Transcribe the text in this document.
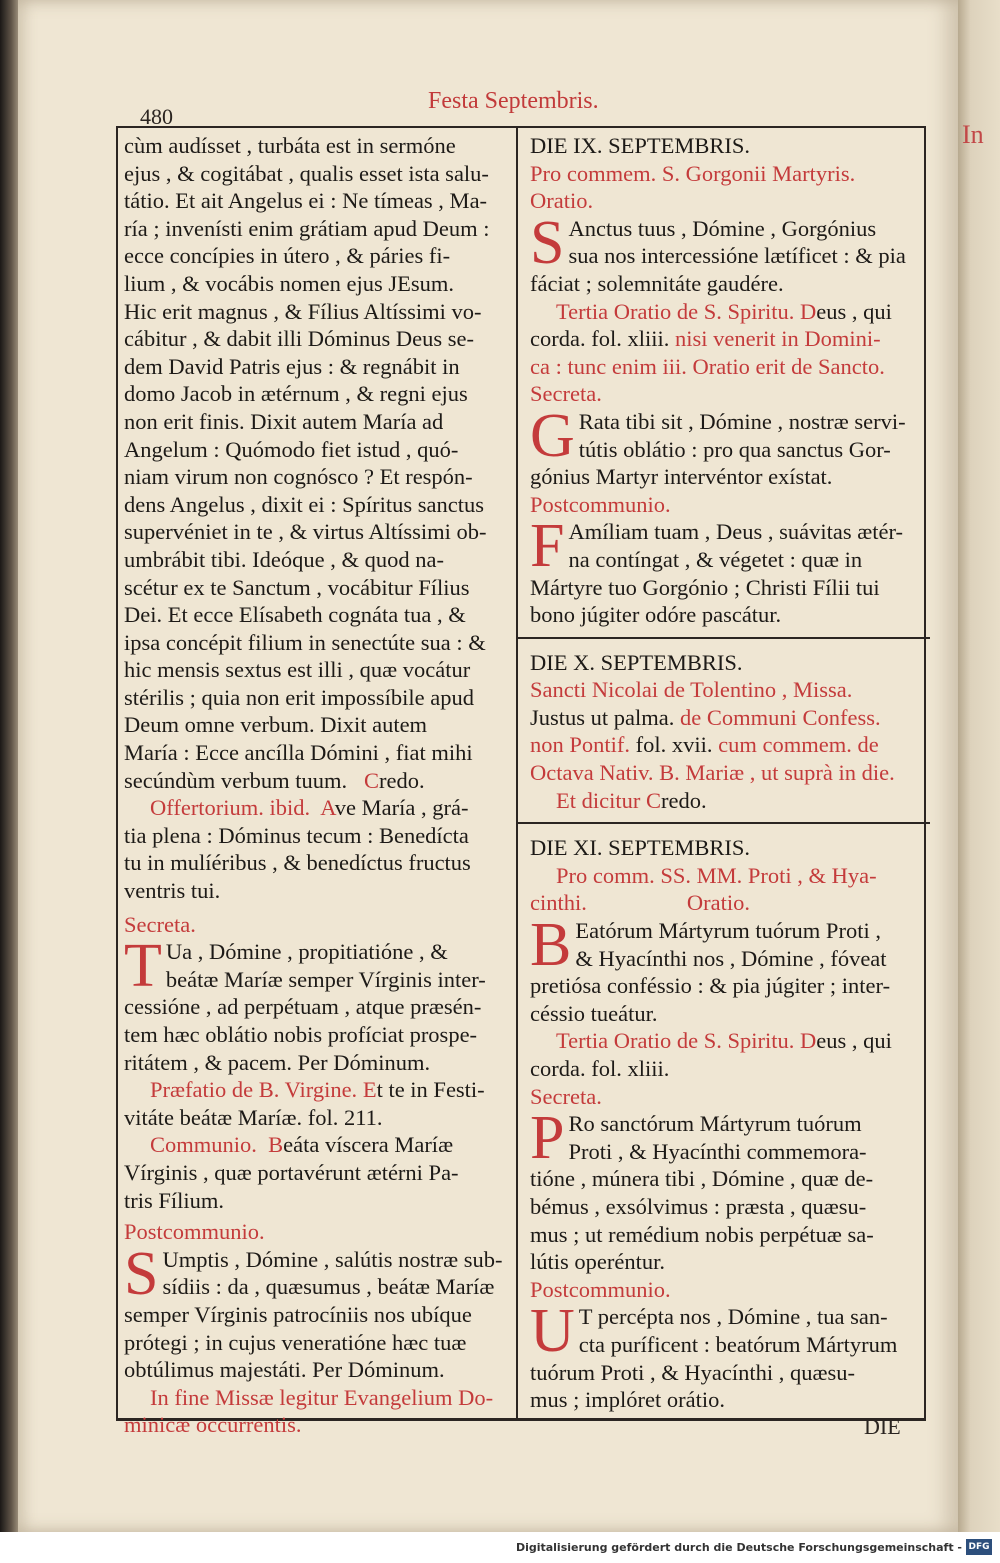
In
480
Festa Septembris.

cùm audísset , turbáta est in sermóne

ejus , & cogitábat , qualis esset ista salu-

tátio. Et ait Angelus ei : Ne tímeas , Ma-

ría ; invenísti enim grátiam apud Deum :

ecce concípies in útero , & páries fi-

lium , & vocábis nomen ejus JEsum.

Hic erit magnus , & Fílius Altíssimi vo-

cábitur , & dabit illi Dóminus Deus se-

dem David Patris ejus : & regnábit in

domo Jacob in ætérnum , & regni ejus

non erit finis. Dixit autem María ad

Angelum : Quómodo fiet istud , quó-

niam virum non cognósco ? Et respón-

dens Angelus , dixit ei : Spíritus sanctus

supervéniet in te , & virtus Altíssimi ob-

umbrábit tibi. Ideóque , & quod na-

scétur ex te Sanctum , vocábitur Fílius

Dei. Et ecce Elísabeth cognáta tua , &

ipsa concépit filium in senectúte sua : &

hic mensis sextus est illi , quæ vocátur

stérilis ; quia non erit impossíbile apud

Deum omne verbum. Dixit autem

María : Ecce ancílla Dómini , fiat mihi

secúndùm verbum tuum. Credo.

Offertorium. ibid. Ave María , grá-

tia plena : Dóminus tecum : Benedícta

tu in mulíéribus , & benedíctus fructus

ventris tui.

Secreta.

T Ua , Dómine , propitiatióne , &

beátæ Maríæ semper Vírginis inter-

cessióne , ad perpétuam , atque præsén-

tem hæc oblátio nobis profíciat prospe-

ritátem , & pacem. Per Dóminum.

Præfatio de B. Virgine. Et te in Festi-

vitáte beátæ Maríæ. fol. 211.

Communio. Beáta víscera Maríæ

Vírginis , quæ portavérunt ætérni Pa-

tris Fílium.

Postcommunio.

S Umptis , Dómine , salútis nostræ sub-

sídiis : da , quæsumus , beátæ Maríæ

semper Vírginis patrocíniis nos ubíque

prótegi ; in cujus veneratióne hæc tuæ

obtúlimus majestáti. Per Dóminum.

In fine Missæ legitur Evangelium Do-

minicæ occurrentis.

DIE IX. SEPTEMBRIS.

Pro commem. S. Gorgonii Martyris.

Oratio.

S Anctus tuus , Dómine , Gorgónius

sua nos intercessióne lætíficet : & pia

fáciat ; solemnitáte gaudére.

Tertia Oratio de S. Spiritu. Deus , qui

corda. fol. xliii. nisi venerit in Domini-

ca : tunc enim iii. Oratio erit de Sancto.

Secreta.

G Rata tibi sit , Dómine , nostræ servi-

tútis oblátio : pro qua sanctus Gor-

gónius Martyr intervéntor exístat.

Postcommunio.

F Amíliam tuam , Deus , suávitas ætér-

na contíngat , & végetet : quæ in

Mártyre tuo Gorgónio ; Christi Fílii tui

bono júgiter odóre pascátur.

DIE X. SEPTEMBRIS.

Sancti Nicolai de Tolentino , Missa.

Justus ut palma. de Communi Confess.

non Pontif. fol. xvii. cum commem. de

Octava Nativ. B. Mariæ , ut suprà in die.

Et dicitur Credo.

DIE XI. SEPTEMBRIS.

Pro comm. SS. MM. Proti , & Hya-

cinthi.	Oratio.

B Eatórum Mártyrum tuórum Proti ,

& Hyacínthi nos , Dómine , fóveat

pretiósa conféssio : & pia júgiter ; inter-

céssio tueátur.

Tertia Oratio de S. Spiritu. Deus , qui

corda. fol. xliii.

Secreta.

P Ro sanctórum Mártyrum tuórum

Proti , & Hyacínthi commemora-

tióne , múnera tibi , Dómine , quæ de-

bémus , exsólvimus : præsta , quæsu-

mus ; ut remédium nobis perpétuæ sa-

lútis operéntur.

Postcommunio.

U T percépta nos , Dómine , tua san-

cta puríficent : beatórum Mártyrum

tuórum Proti , & Hyacínthi , quæsu-

mus ; implóret orátio.

DIE
Digitalisierung gefördert durch die Deutsche Forschungsgemeinschaft - DFG
